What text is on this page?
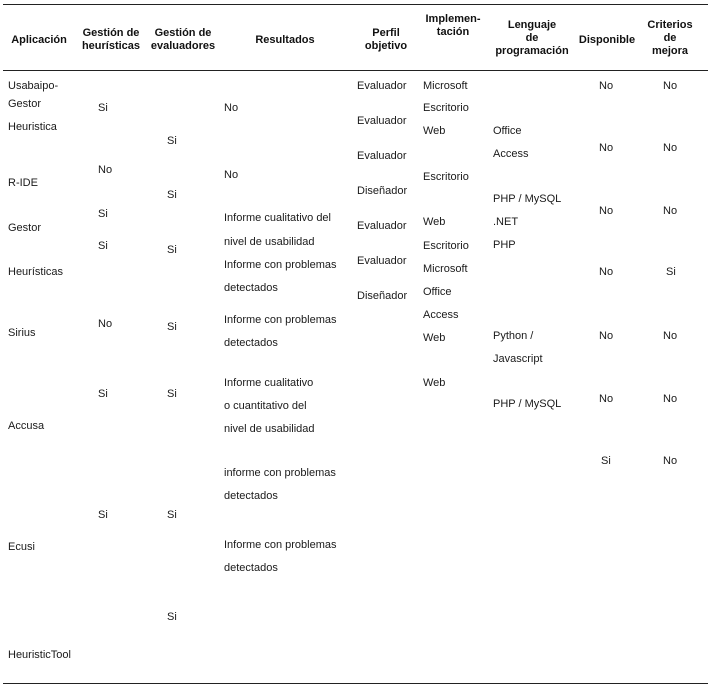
Aplicación
Gestión de
heurísticas
Gestión de
evaluadores	Resultados
Perfil
objetivo
Implemen-
tación
Lenguaje
de
programación
Disponible
Criterios
de
mejora
Usabaipo-
Gestor
Heuristica
R-IDE
Gestor
Heurísticas
Sirius
Accusa
Ecusi
HeuristicTool
Si
No
Si
Si
No
Si
Si
Si
Si
Si
Si
Si
Si
Si
No
No
Informe cualitativo del
nivel de usabilidad
Informe con problemas
detectados
Informe con problemas
detectados
Informe cualitativo
o cuantitativo del
nivel de usabilidad
informe con problemas
detectados
Informe con problemas
detectados
Evaluador
Evaluador
Evaluador
Diseñador
Evaluador
Evaluador
Diseñador
Microsoft
Escritorio
Web
Escritorio
Web
Escritorio
Microsoft
Office
Access
Web
Web
Office
Access
PHP / MySQL
.NET
PHP
Python /
Javascript
PHP / MySQL
No
No
No
No
No
No
Si
No
No
No
Si
No
No
No
